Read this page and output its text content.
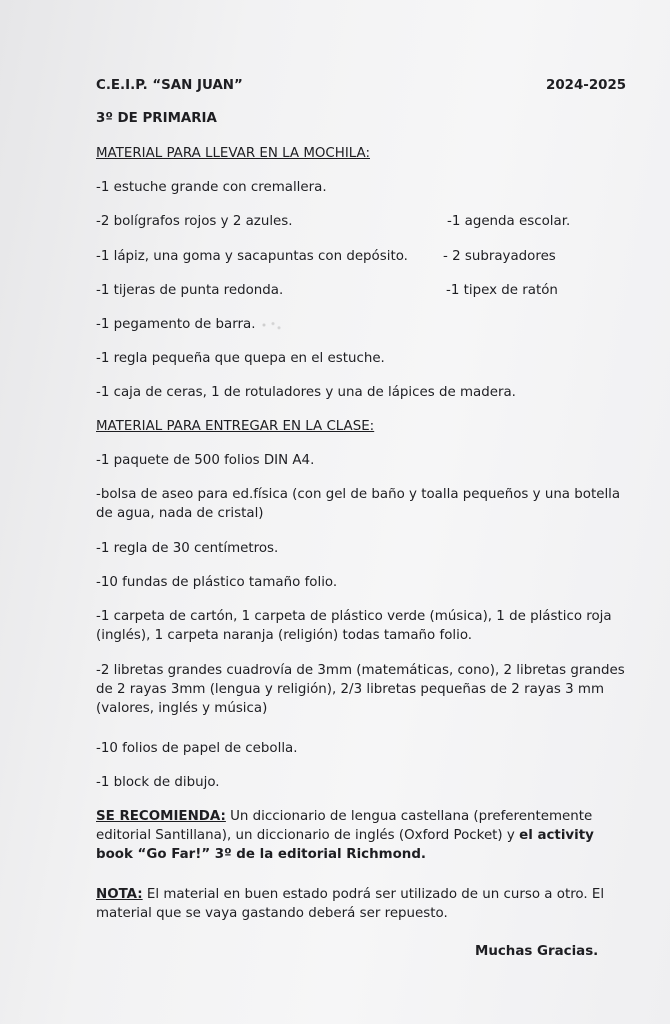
C.E.I.P. “SAN JUAN”	2024-2025
3º DE PRIMARIA
MATERIAL PARA LLEVAR EN LA MOCHILA:
-1 estuche grande con cremallera.
-2 bolígrafos rojos y 2 azules.
-1 lápiz, una goma y sacapuntas con depósito.
-1 tijeras de punta redonda.
-1 pegamento de barra.
-1 regla pequeña que quepa en el estuche.
-1 caja de ceras, 1 de rotuladores y una de lápices de madera.
-1 agenda escolar.
- 2 subrayadores
-1 tipex de ratón
MATERIAL PARA ENTREGAR EN LA CLASE:
-1 paquete de 500 folios DIN A4.
-bolsa de aseo para ed.física (con gel de baño y toalla pequeños y una botella de agua, nada de cristal)
-1 regla de 30 centímetros.
-10 fundas de plástico tamaño folio.
-1 carpeta de cartón, 1 carpeta de plástico verde (música), 1 de plástico roja (inglés), 1 carpeta naranja (religión) todas tamaño folio.
-2 libretas grandes cuadrovía de 3mm (matemáticas, cono), 2 libretas grandes de 2 rayas 3mm (lengua y religión), 2/3 libretas pequeñas de 2 rayas 3 mm (valores, inglés y música)
-10 folios de papel de cebolla.
-1 block de dibujo.
SE RECOMIENDA: Un diccionario de lengua castellana (preferentemente editorial Santillana), un diccionario de inglés (Oxford Pocket) y el activity book “Go Far!” 3º de la editorial Richmond.
NOTA: El material en buen estado podrá ser utilizado de un curso a otro. El material que se vaya gastando deberá ser repuesto.
Muchas Gracias.
